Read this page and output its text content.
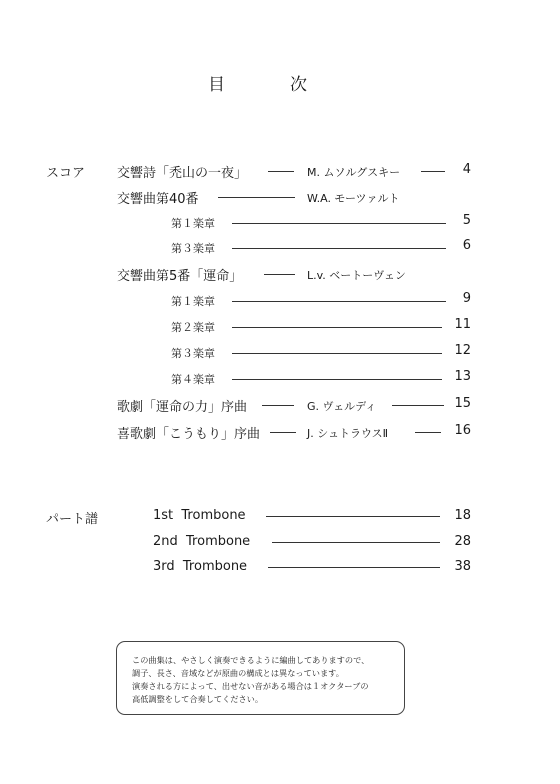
目	次
スコア 交響詩「禿山の一夜」	M. ムソルグスキー	4
交響曲第40番	W.A. モーツァルト
第１楽章	5
第３楽章	6
交響曲第5番「運命」	L.v. ベートーヴェン
第１楽章	9
第２楽章	11
第３楽章	12
第４楽章	13
歌劇「運命の力」序曲	G. ヴェルディ	15
喜歌劇「こうもり」序曲	J. シュトラウスⅡ	16
パート譜	1st  Trombone	18
2nd  Trombone	28
3rd  Trombone	38

この曲集は、やさしく演奏できるように編曲してありますので、

調子、長さ、音域などが原曲の構成とは異なっています。

演奏される方によって、出せない音がある場合は１オクターブの

高低調整をして合奏してください。
